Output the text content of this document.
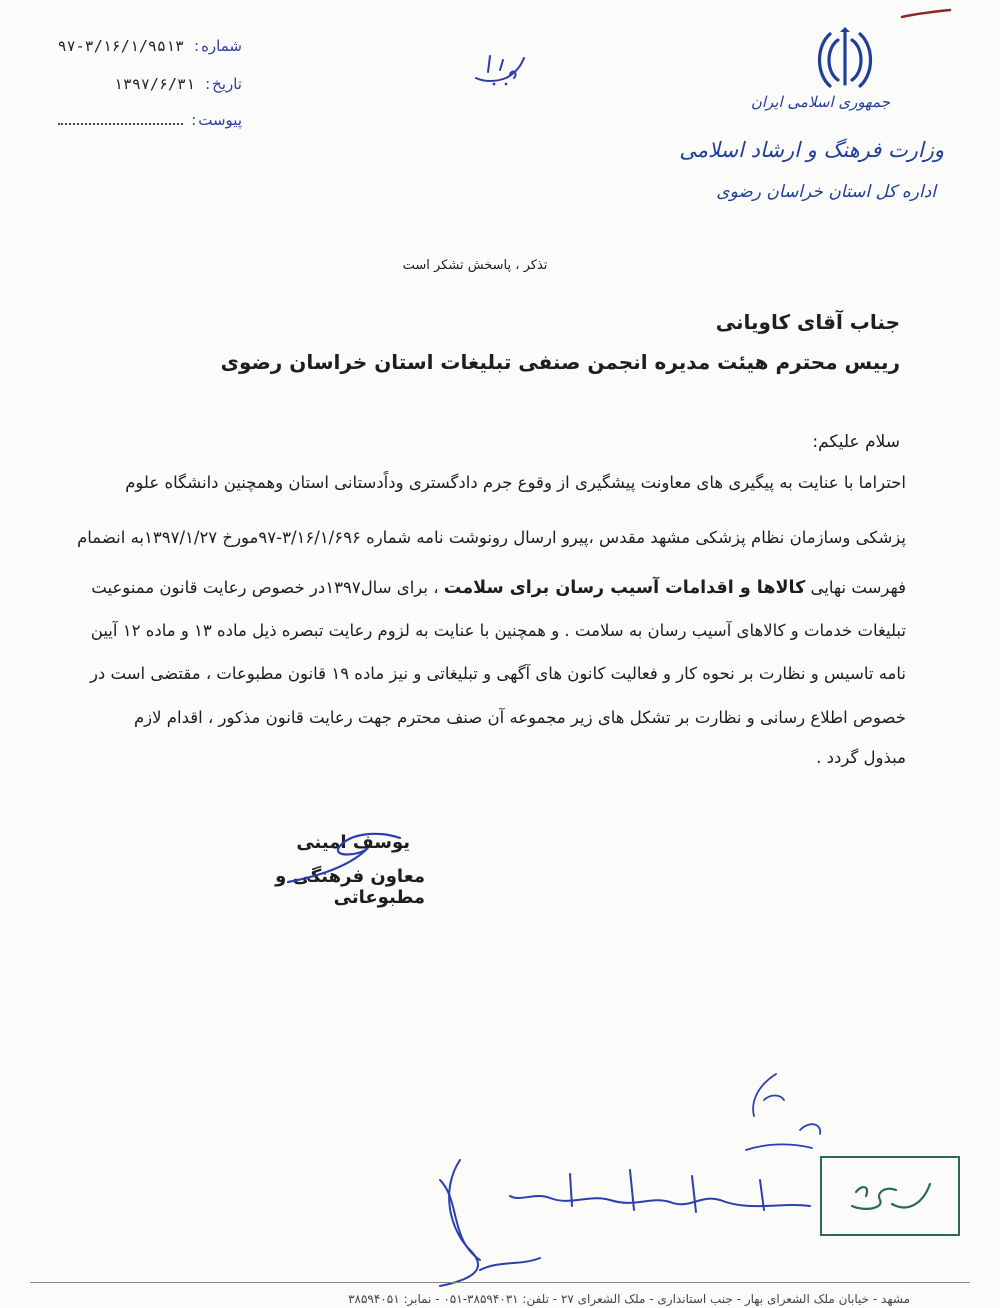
جمهوری اسلامی ایران
وزارت فرهنگ و ارشاد اسلامی
اداره کل استان خراسان رضوی
شماره
:
۹۷-۳/۱۶/۱/۹۵۱۳
تاریخ
:
۱۳۹۷/۶/۳۱
پیوست
:
تذکر ، پاسخش تشکر است
جناب آقای کاویانی
رییس محترم هیئت مدیره انجمن صنفی تبلیغات استان خراسان رضوی
سلام علیکم:
احتراما با عنایت به پیگیری های معاونت پیشگیری از وقوع جرم دادگستری وداًدستانی استان وهمچنین دانشگاه علوم
پزشکی وسازمان نظام پزشکی مشهد مقدس ،پیرو ارسال رونوشت نامه شماره ۳/۱۶/۱/۶۹۶-۹۷مورخ ۱۳۹۷/۱/۲۷به انضمام
فهرست نهایی کالاها و اقدامات آسیب رسان برای سلامت ، برای سال۱۳۹۷در خصوص رعایت قانون ممنوعیت
تبلیغات خدمات و کالاهای آسیب رسان به سلامت . و همچنین با عنایت به لزوم رعایت تبصره ذیل ماده ۱۳ و ماده ۱۲ آیین
نامه تاسیس و نظارت بر نحوه کار و فعالیت کانون های آگهی و تبلیغاتی و نیز ماده ۱۹ قانون مطبوعات ، مقتضی است در
خصوص اطلاع رسانی و نظارت بر تشکل های زیر مجموعه آن صنف محترم جهت رعایت قانون مذکور ، اقدام لازم
مبذول گردد .
یوسف امینی
معاون فرهنگی و مطبوعاتی
مشهد - خیابان ملک الشعرای بهار - جنب استانداری - ملک الشعرای ۲۷ - تلفن: ۳۸۵۹۴۰۳۱-۰۵۱ - نمابر: ۳۸۵۹۴۰۵۱
